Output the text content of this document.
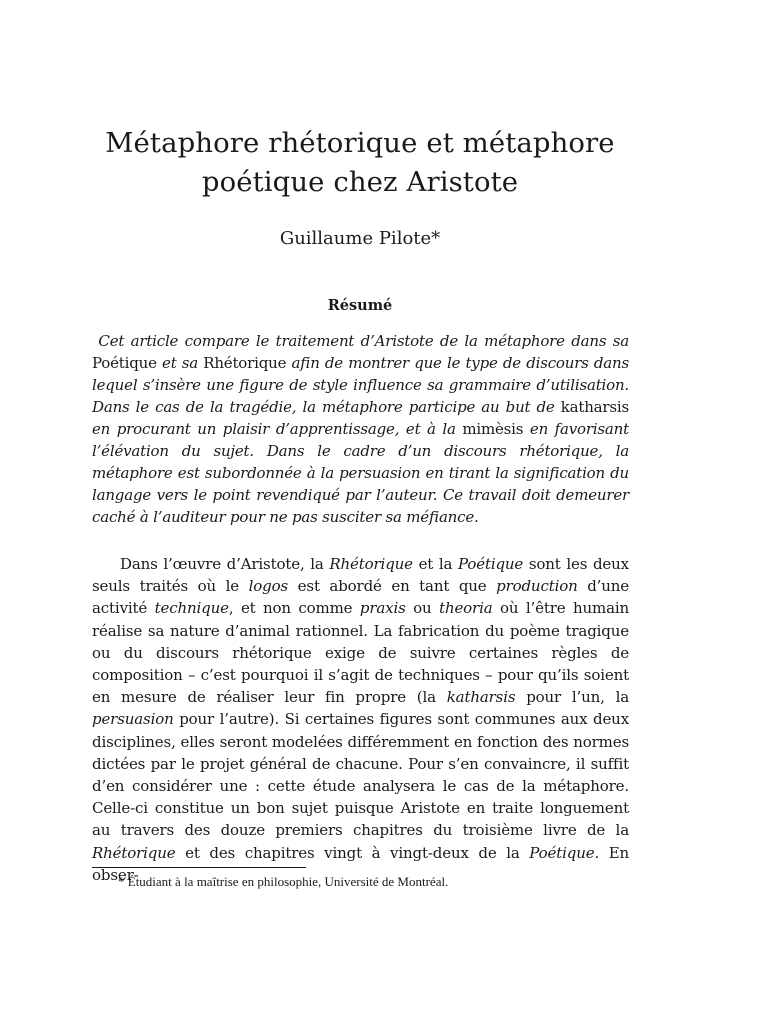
Métaphore rhétorique et métaphore poétique chez Aristote

Guillaume Pilote*

Résumé

Cet article compare le traitement d’Aristote de la métaphore dans sa Poétique et sa Rhétorique afin de montrer que le type de discours dans lequel s’insère une figure de style influence sa grammaire d’utilisation. Dans le cas de la tragédie, la métaphore participe au but de katharsis en procurant un plaisir d’apprentissage, et à la mimèsis en favorisant l’élévation du sujet. Dans le cadre d’un discours rhétorique, la métaphore est subordonnée à la persuasion en tirant la signification du langage vers le point revendiqué par l’auteur. Ce travail doit demeurer caché à l’auditeur pour ne pas susciter sa méfiance.

Dans l’œuvre d’Aristote, la Rhétorique et la Poétique sont les deux seuls traités où le logos est abordé en tant que production d’une activité technique, et non comme praxis ou theoria où l’être humain réalise sa nature d’animal rationnel. La fabrication du poème tragique ou du discours rhétorique exige de suivre certaines règles de composition – c’est pourquoi il s’agit de techniques – pour qu’ils soient en mesure de réaliser leur fin propre (la katharsis pour l’un, la persuasion pour l’autre). Si certaines figures sont communes aux deux disciplines, elles seront modelées différemment en fonction des normes dictées par le projet général de chacune. Pour s’en convaincre, il suffit d’en considérer une : cette étude analysera le cas de la métaphore. Celle-ci constitue un bon sujet puisque Aristote en traite longuement au travers des douze premiers chapitres du troisième livre de la Rhétorique et des chapitres vingt à vingt-deux de la Poétique. En obser-

* Étudiant à la maîtrise en philosophie, Université de Montréal.
